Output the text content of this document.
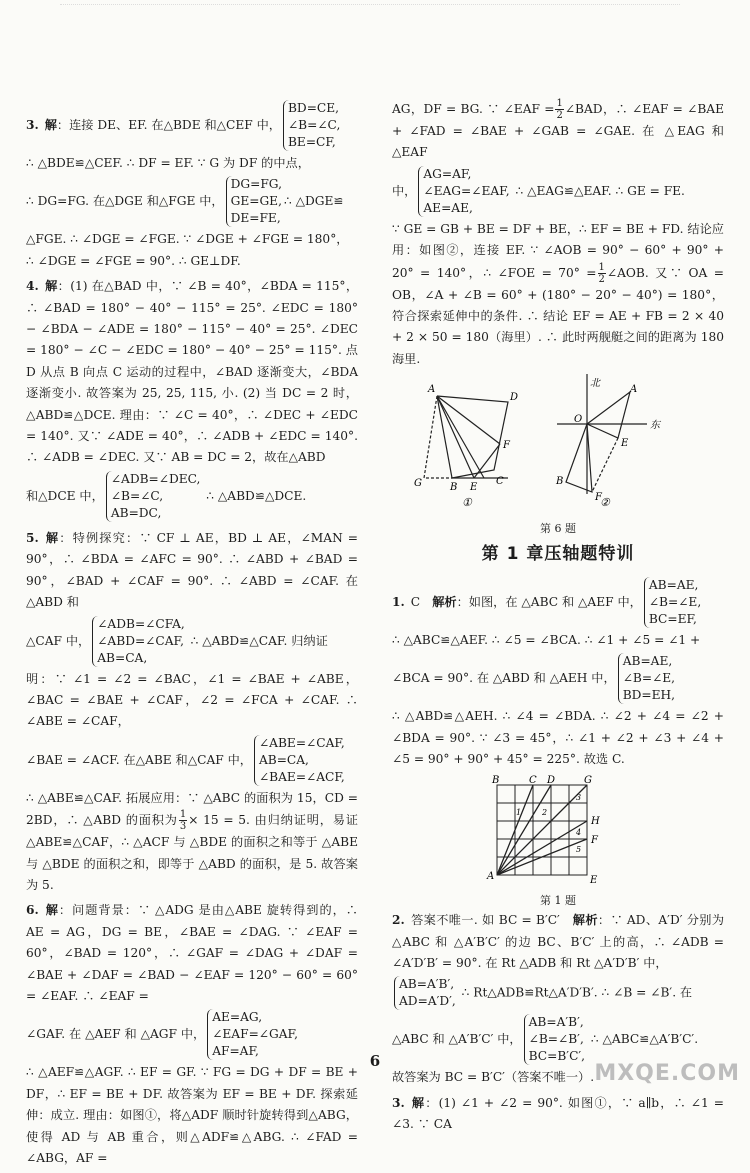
3. 解：连接 DE、EF. 在△BDE 和△CEF 中，BD=CE,
∠B=∠C,
BE=CF,

∴ △BDE≌△CEF. ∴ DF = EF. ∵ G 为 DF 的中点，

∴ DG=FG. 在△DGE 和△FGE 中，DG=FG,
GE=GE,
DE=FE,∴ △DGE≌

△FGE. ∴ ∠DGE = ∠FGE. ∵ ∠DGE + ∠FGE = 180°，

∴ ∠DGE = ∠FGE = 90°. ∴ GE⊥DF.

4. 解：(1) 在△BAD 中，∵ ∠B = 40°，∠BDA = 115°，∴ ∠BAD = 180° − 40° − 115° = 25°. ∠EDC = 180° − ∠BDA − ∠ADE = 180° − 115° − 40° = 25°. ∠DEC = 180° − ∠C − ∠EDC = 180° − 40° − 25° = 115°. 点 D 从点 B 向点 C 运动的过程中，∠BAD 逐渐变大，∠BDA 逐渐变小. 故答案为 25, 25, 115, 小. (2) 当 DC = 2 时，△ABD≌△DCE. 理由：∵ ∠C = 40°，∴ ∠DEC + ∠EDC = 140°. 又∵ ∠ADE = 40°，∴ ∠ADB + ∠EDC = 140°. ∴ ∠ADB = ∠DEC. 又∵ AB = DC = 2，故在△ABD

和△DCE 中，∠ADB=∠DEC,
∠B=∠C,
AB=DC, ∴ △ABD≌△DCE.

5. 解：特例探究：∵ CF ⊥ AE，BD ⊥ AE，∠MAN = 90°，∴ ∠BDA = ∠AFC = 90°. ∴ ∠ABD + ∠BAD = 90°，∠BAD + ∠CAF = 90°. ∴ ∠ABD = ∠CAF. 在△ABD 和

△CAF 中，∠ADB=∠CFA,
∠ABD=∠CAF,
AB=CA, ∴ △ABD≌△CAF. 归纳证

明：∵ ∠1 = ∠2 = ∠BAC，∠1 = ∠BAE + ∠ABE，∠BAC = ∠BAE + ∠CAF，∠2 = ∠FCA + ∠CAF. ∴ ∠ABE = ∠CAF，

∠BAE = ∠ACF. 在△ABE 和△CAF 中，∠ABE=∠CAF,
AB=CA,
∠BAE=∠ACF,

∴ △ABE≌△CAF. 拓展应用：∵ △ABC 的面积为 15，CD = 2BD，∴ △ABD 的面积为 $\frac{1}{3} \times 15 = 5$. 由归纳证明，易证 △ABE≌△CAF，∴ △ACF 与 △BDE 的面积之和等于 △ABE 与 △BDE 的面积之和，即等于 △ABD 的面积，是 5. 故答案为 5.

6. 解：问题背景：∵ △ADG 是由△ABE 旋转得到的，∴ AE = AG，DG = BE，∠BAE = ∠DAG. ∵ ∠EAF = 60°，∠BAD = 120°，∴ ∠GAF = ∠DAG + ∠DAF = ∠BAE + ∠DAF = ∠BAD − ∠EAF = 120° − 60° = 60° = ∠EAF. ∴ ∠EAF =

∠GAF. 在 △AEF 和 △AGF 中，AE=AG,
∠EAF=∠GAF,
AF=AF,

∴ △AEF≌△AGF. ∴ EF = GF. ∵ FG = DG + DF = BE + DF，∴ EF = BE + DF. 故答案为 EF = BE + DF. 探索延伸：成立. 理由：如图①，将△ADF 顺时针旋转得到△ABG，使得 AD 与 AB 重合，则△ADF≌△ABG. ∴ ∠FAD = ∠ABG，AF =

AG，DF = BG. ∵ ∠EAF = $\frac{1}{2}$ ∠BAD，∴ ∠EAF = ∠BAE + ∠FAD = ∠BAE + ∠GAB = ∠GAE. 在 △EAG 和 △EAF

中，AG=AF,
∠EAG=∠EAF,
AE=AE, ∴ △EAG≌△EAF. ∴ GE = FE.

∵ GE = GB + BE = DF + BE，∴ EF = BE + FD. 结论应用：如图②，连接 EF. ∵ ∠AOB = 90° − 60° + 90° + 20° = 140°，∴ ∠FOE = $70^\circ = \frac{1}{2}$ ∠AOB. 又∵ OA = OB，∠A + ∠B = 60° + (180° − 20° − 40°) = 180°，符合探索延伸中的条件. ∴ 结论 EF = AE + FB = 2 × 40 + 2 × 50 = 180（海里）. ∴ 此时两舰艇之间的距离为 180 海里.

A
D
F
G	B E
C
北
东
A
O
E
B
F
①	②
第 6 题
第 1 章压轴题特训

1. C　 解析：如图，在 △ABC 和 △AEF 中，AB=AE,
∠B=∠E,
BC=EF,

∴ △ABC≌△AEF. ∴ ∠5 = ∠BCA. ∴ ∠1 + ∠5 = ∠1 +

∠BCA = 90°. 在 △ABD 和 △AEH 中，AB=AE,
∠B=∠E,
BD=EH,

∴ △ABD≌△AEH. ∴ ∠4 = ∠BDA. ∴ ∠2 + ∠4 = ∠2 + ∠BDA = 90°. ∵ ∠3 = 45°，∴ ∠1 + ∠2 + ∠3 + ∠4 + ∠5 = 90° + 90° + 45° = 225°. 故选 C.

B	C D	G
H
F
A	E
1	2
3
4
5
第 1 题

2. 答案不唯一. 如 BC = B′C′　 解析：∵ AD、A′D′ 分别为 △ABC 和 △A′B′C′ 的边 BC、B′C′ 上的高，∴ ∠ADB = ∠A′D′B′ = 90°. 在 Rt △ADB 和 Rt △A′D′B′ 中，

AB=A′B′,
AD=A′D′, ∴ Rt△ADB≌Rt△A′D′B′. ∴ ∠B = ∠B′. 在

△ABC 和 △A′B′C′ 中，AB=A′B′,
∠B=∠B′,
BC=B′C′, ∴ △ABC≌△A′B′C′.

故答案为 BC = B′C′（答案不唯一）.

3. 解：(1) ∠1 + ∠2 = 90°. 如图①，∵ a∥b，∴ ∠1 = ∠3. ∵ CA

6	MXQE.COM
